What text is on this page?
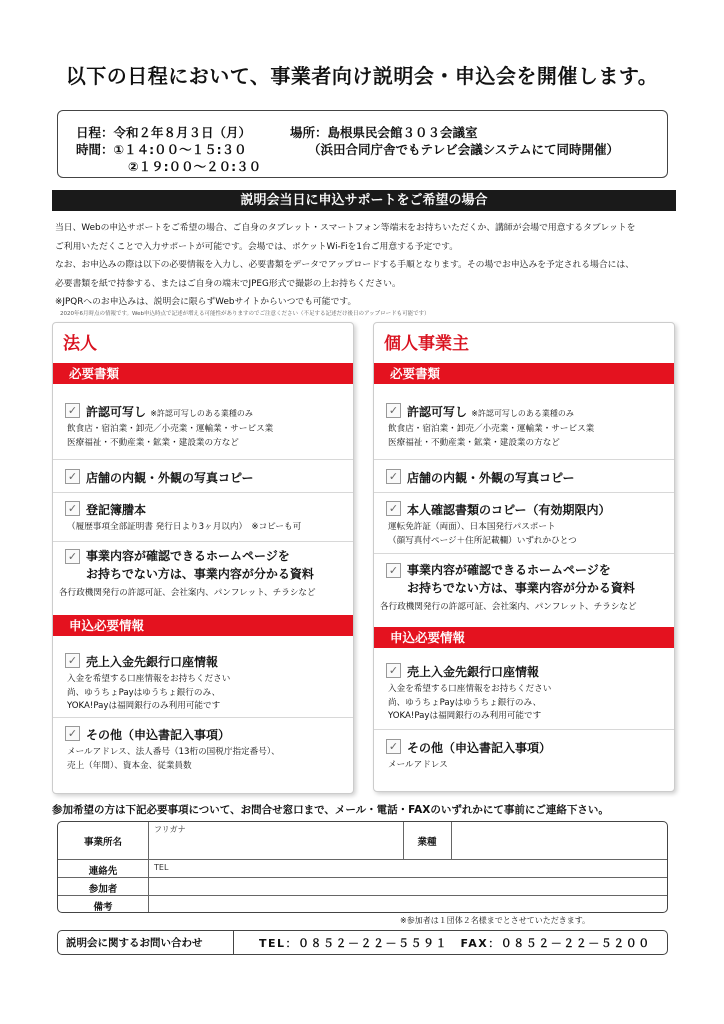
以下の日程において、事業者向け説明会・申込会を開催します。
日程：令和２年８月３日（月）
時間：①１４:００～１５:３０
②１９:００～２０:３０
場所：島根県民会館３０３会議室
（浜田合同庁舎でもテレビ会議システムにて同時開催）
説明会当日に申込サポートをご希望の場合
当日、Webの申込サポートをご希望の場合、ご自身のタブレット・スマートフォン等端末をお持ちいただくか、講師が会場で用意するタブレットを
ご利用いただくことで入力サポートが可能です。会場では、ポケットWi-Fiを1台ご用意する予定です。
なお、お申込みの際は以下の必要情報を入力し、必要書類をデータでアップロードする手順となります。その場でお申込みを予定される場合には、
必要書類を紙で持参する、またはご自身の端末でJPEG形式で撮影の上お持ちください。
※JPQRへのお申込みは、説明会に限らずWebサイトからいつでも可能です。
2020年6月時点の情報です。Web申込時点で記述が増える可能性がありますのでご注意ください（不足する記述だけ後日のアップロードも可能です）
法人
必要書類
✓ 許認可写し ※許認可写しのある業種のみ
飲食店・宿泊業・卸売／小売業・運輸業・サービス業
医療福祉・不動産業・鉱業・建設業の方など
✓ 店舗の内観・外観の写真コピー
✓ 登記簿謄本
（履歴事項全部証明書 発行日より3ヶ月以内）　※コピーも可
✓ 事業内容が確認できるホームページを
お持ちでない方は、事業内容が分かる資料
各行政機関発行の許認可証、会社案内、パンフレット、チラシなど
申込必要情報
✓ 売上入金先銀行口座情報
入金を希望する口座情報をお持ちください
尚、ゆうちょPayはゆうちょ銀行のみ、
YOKA!Payは福岡銀行のみ利用可能です
✓ その他（申込書記入事項）
メールアドレス、法人番号（13桁の国税庁指定番号）、
売上（年間）、資本金、従業員数
個人事業主
必要書類
✓ 許認可写し ※許認可写しのある業種のみ
飲食店・宿泊業・卸売／小売業・運輸業・サービス業
医療福祉・不動産業・鉱業・建設業の方など
✓ 店舗の内観・外観の写真コピー
✓ 本人確認書類のコピー（有効期限内）
運転免許証（両面）、日本国発行パスポート
（顔写真付ページ＋住所記載欄）いずれかひとつ
✓ 事業内容が確認できるホームページを
お持ちでない方は、事業内容が分かる資料
各行政機関発行の許認可証、会社案内、パンフレット、チラシなど
申込必要情報
✓ 売上入金先銀行口座情報
入金を希望する口座情報をお持ちください
尚、ゆうちょPayはゆうちょ銀行のみ、
YOKA!Payは福岡銀行のみ利用可能です
✓ その他（申込書記入事項）
メールアドレス
参加希望の方は下記必要事項について、お問合せ窓口まで、メール・電話・FAXのいずれかにて事前にご連絡下さい。
事業所名
フリガナ
業種
連絡先	TEL
参加者
備考
※参加者は１団体２名様までとさせていただきます。
説明会に関するお問い合わせ	TEL：０８５２－２２－５５９１　FAX：０８５２－２２－５２００
